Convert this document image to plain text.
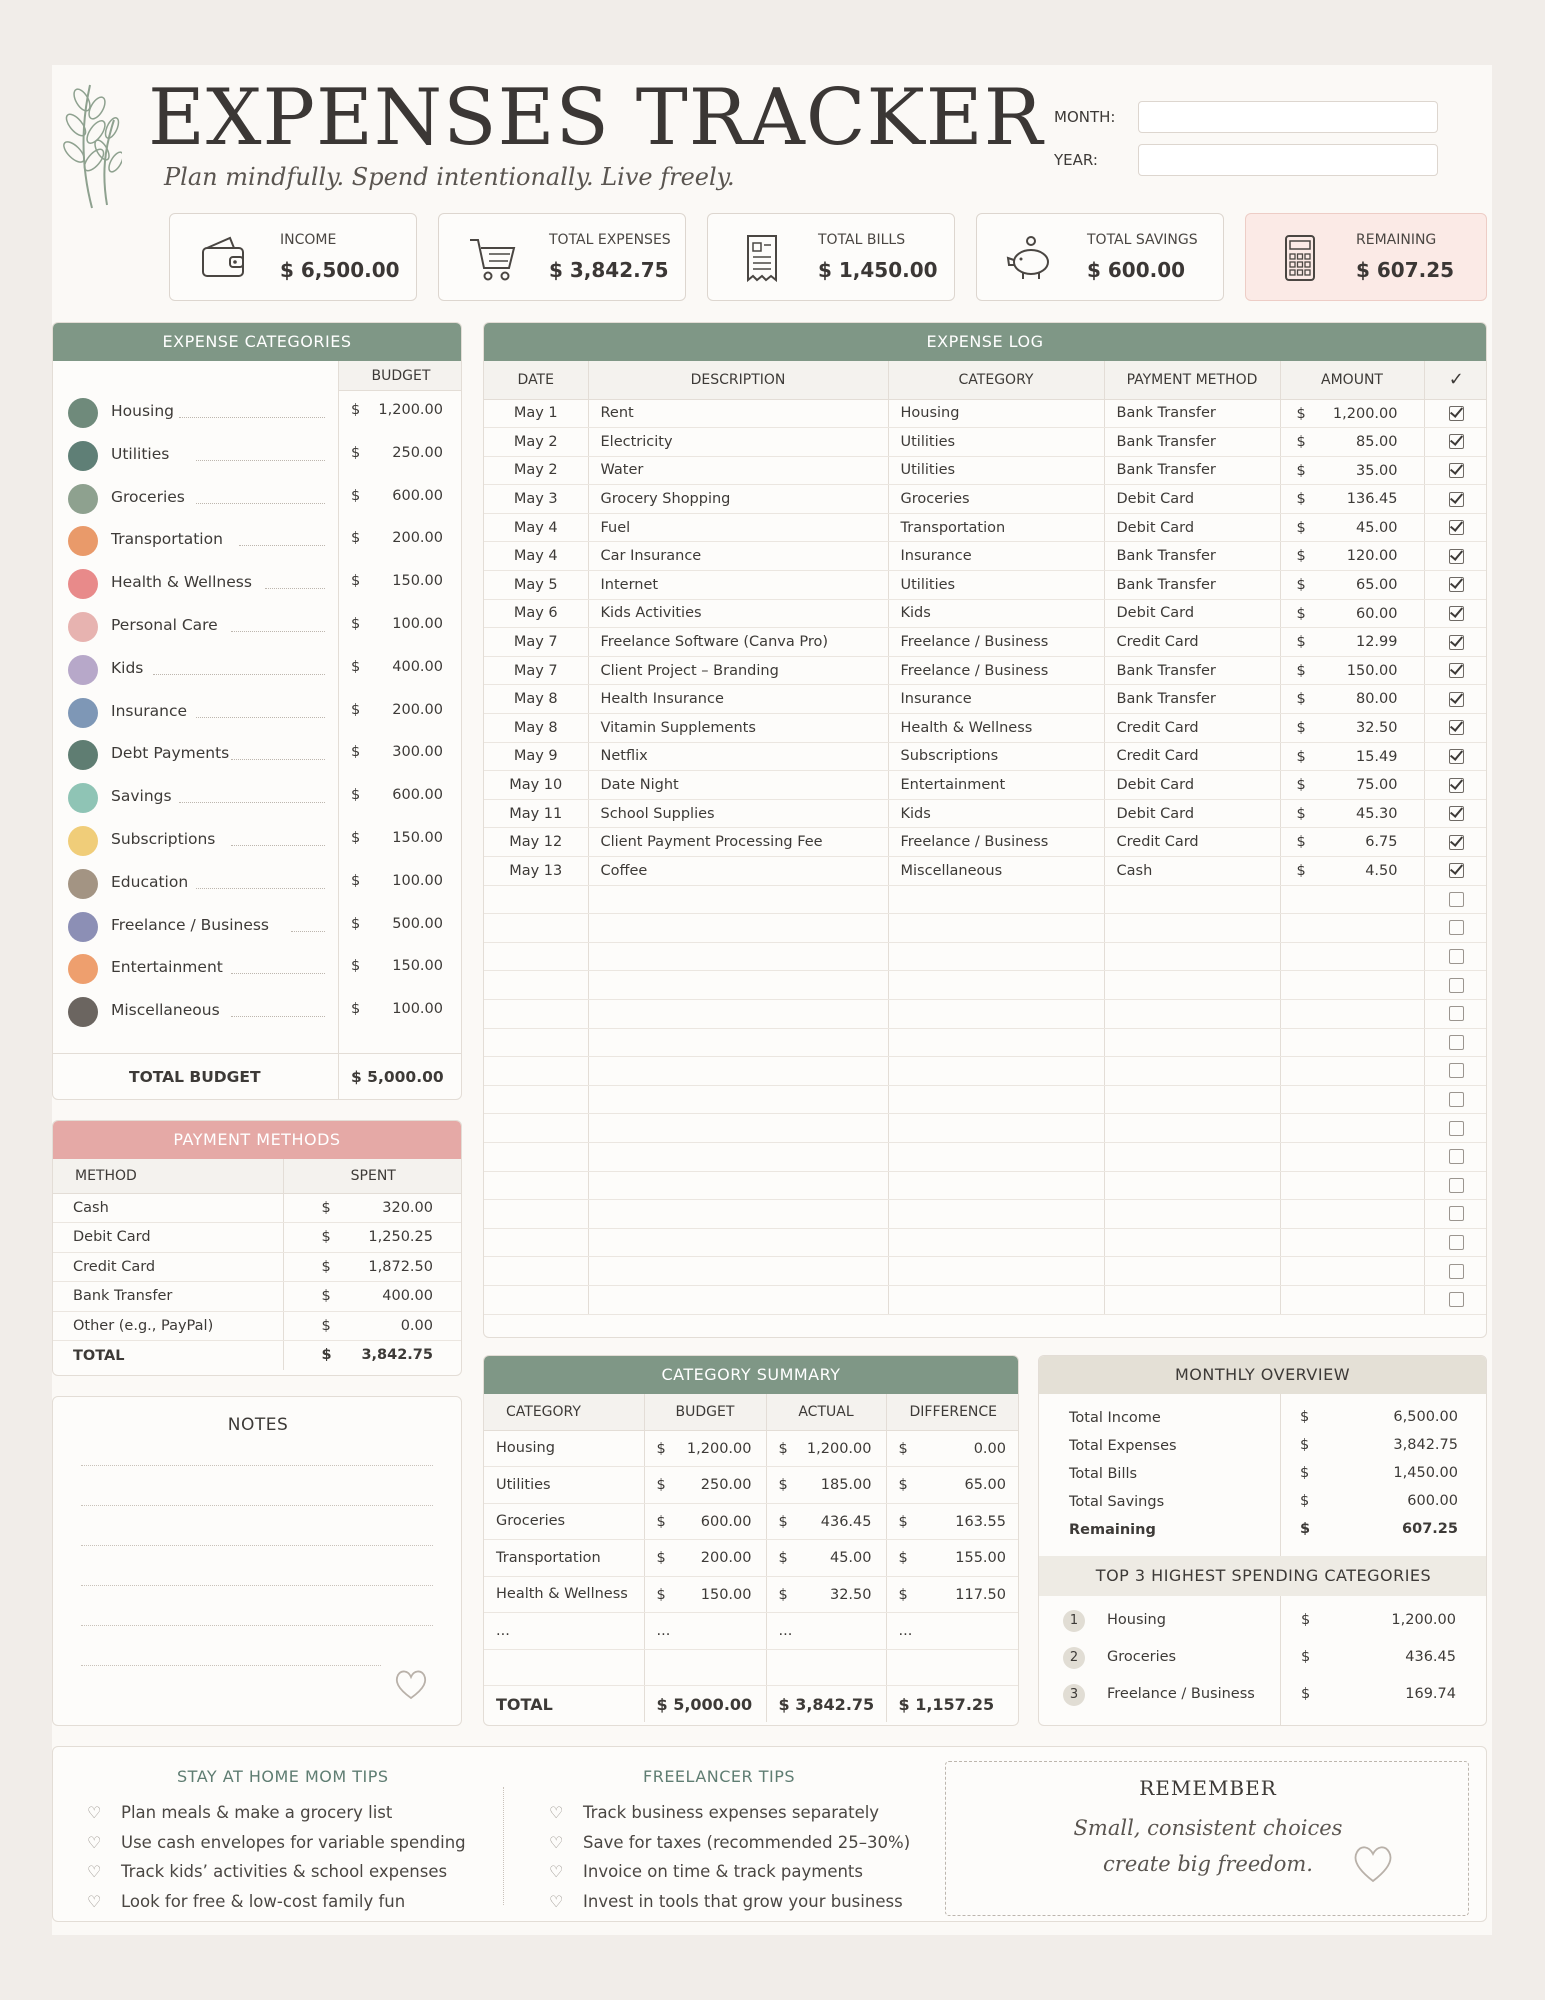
EXPENSES TRACKER
Plan mindfully. Spend intentionally. Live freely.
MONTH:
YEAR:
INCOME
$ 6,500.00
TOTAL EXPENSES
$ 3,842.75
TOTAL BILLS
$ 1,450.00
TOTAL SAVINGS
$ 600.00
REMAINING
$ 607.25
EXPENSE CATEGORIES
BUDGET
Housing	$ 1,200.00
Utilities	$ 250.00
Groceries	$ 600.00
Transportation	$ 200.00
Health & Wellness	$ 150.00
Personal Care	$ 100.00
Kids	$ 400.00
Insurance	$ 200.00
Debt Payments	$ 300.00
Savings	$ 600.00
Subscriptions	$ 150.00
Education	$ 100.00
Freelance / Business	$ 500.00
Entertainment	$ 150.00
Miscellaneous	$ 100.00
TOTAL BUDGET	$ 5,000.00
EXPENSE LOG
DATE	DESCRIPTION	CATEGORY	PAYMENT METHOD	AMOUNT	✓
May 1	Rent	Housing	Bank Transfer	$ 1,200.00	

May 2	Electricity	Utilities	Bank Transfer	$ 85.00	

May 2	Water	Utilities	Bank Transfer	$ 35.00	

May 3	Grocery Shopping	Groceries	Debit Card	$ 136.45	

May 4	Fuel	Transportation	Debit Card	$ 45.00	

May 4	Car Insurance	Insurance	Bank Transfer	$ 120.00	

May 5	Internet	Utilities	Bank Transfer	$ 65.00	

May 6	Kids Activities	Kids	Debit Card	$ 60.00	

May 7	Freelance Software (Canva Pro)	Freelance / Business	Credit Card	$ 12.99	

May 7	Client Project – Branding	Freelance / Business	Bank Transfer	$ 150.00	

May 8	Health Insurance	Insurance	Bank Transfer	$ 80.00	

May 8	Vitamin Supplements	Health & Wellness	Credit Card	$ 32.50	

May 9	Netflix	Subscriptions	Credit Card	$ 15.49	

May 10	Date Night	Entertainment	Debit Card	$ 75.00	

May 11	School Supplies	Kids	Debit Card	$ 45.30	

May 12	Client Payment Processing Fee	Freelance / Business	Credit Card	$ 6.75	

May 13	Coffee	Miscellaneous	Cash	$ 4.50	

PAYMENT METHODS
METHOD	SPENT
Cash	$ 320.00

Debit Card	$ 1,250.25

Credit Card	$ 1,872.50

Bank Transfer	$ 400.00

Other (e.g., PayPal)	$ 0.00

TOTAL	$ 3,842.75
NOTES
CATEGORY SUMMARY
CATEGORY	BUDGET	ACTUAL	DIFFERENCE
Housing	$ 1,200.00	$ 1,200.00	$ 0.00

Utilities	$ 250.00	$ 185.00	$ 65.00

Groceries	$ 600.00	$ 436.45	$ 163.55

Transportation	$ 200.00	$ 45.00	$ 155.00

Health & Wellness	$ 150.00	$ 32.50	$ 117.50

...	...	...	...

TOTAL	$ 5,000.00	$ 3,842.75	$ 1,157.25
MONTHLY OVERVIEW
Total Income	$ 6,500.00

Total Expenses	$ 3,842.75

Total Bills	$ 1,450.00

Total Savings	$ 600.00

Remaining	$ 607.25
TOP 3 HIGHEST SPENDING CATEGORIES
1	Housing	$	1,200.00
2	Groceries	$	436.45
3	Freelance / Business	$	169.74
STAY AT HOME MOM TIPS	FREELANCER TIPS	REMEMBER
Small, consistent choices
create big freedom.
♡ Plan meals & make a grocery list
♡ Use cash envelopes for variable spending
♡ Track kids’ activities & school expenses
♡ Look for free & low-cost family fun
♡ Track business expenses separately
♡ Save for taxes (recommended 25–30%)
♡ Invoice on time & track payments
♡ Invest in tools that grow your business
